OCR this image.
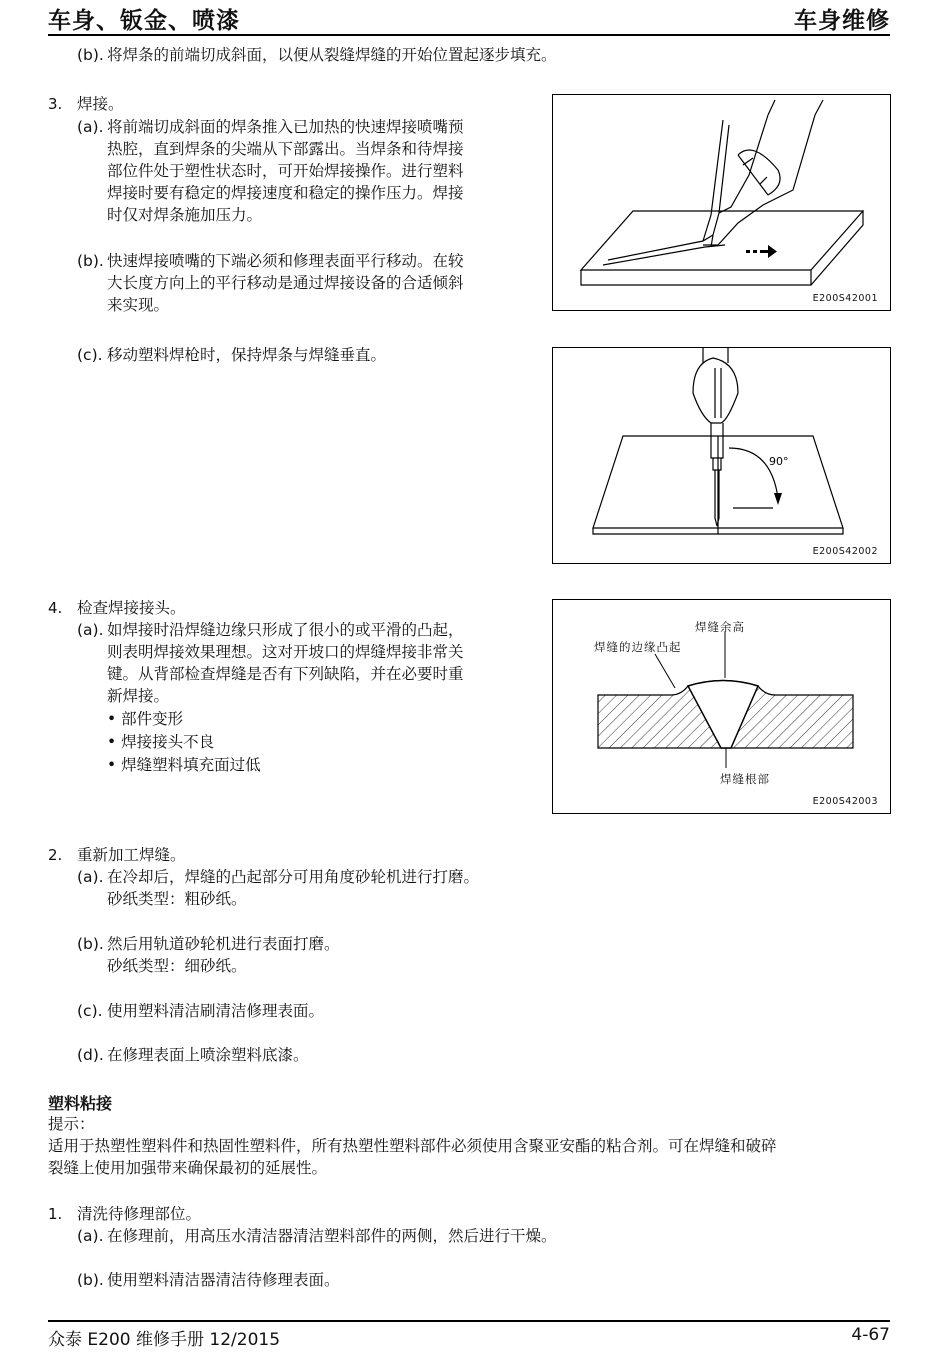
车身、钣金、喷漆	车身维修
(b). 将焊条的前端切成斜面，以便从裂缝焊缝的开始位置起逐步填充。
3. 焊接。
(a). 将前端切成斜面的焊条推入已加热的快速焊接喷嘴预
热腔，直到焊条的尖端从下部露出。当焊条和待焊接
部位件处于塑性状态时，可开始焊接操作。进行塑料
焊接时要有稳定的焊接速度和稳定的操作压力。焊接
时仅对焊条施加压力。
(b). 快速焊接喷嘴的下端必须和修理表面平行移动。在较
大长度方向上的平行移动是通过焊接设备的合适倾斜
来实现。
(c). 移动塑料焊枪时，保持焊条与焊缝垂直。
E200S42001
90°
E200S42002
4. 检查焊接接头。
(a). 如焊接时沿焊缝边缘只形成了很小的或平滑的凸起，
则表明焊接效果理想。这对开坡口的焊缝焊接非常关
键。从背部检查焊缝是否有下列缺陷，并在必要时重
新焊接。
• 部件变形
• 焊接接头不良
• 焊缝塑料填充面过低
焊缝余高
焊缝的边缘凸起
焊缝根部
E200S42003
2. 重新加工焊缝。
(a). 在冷却后，焊缝的凸起部分可用角度砂轮机进行打磨。
砂纸类型：粗砂纸。
(b). 然后用轨道砂轮机进行表面打磨。
砂纸类型：细砂纸。
(c). 使用塑料清洁刷清洁修理表面。
(d). 在修理表面上喷涂塑料底漆。
塑料粘接
提示：
适用于热塑性塑料件和热固性塑料件，所有热塑性塑料部件必须使用含聚亚安酯的粘合剂。可在焊缝和破碎
裂缝上使用加强带来确保最初的延展性。
1. 清洗待修理部位。
(a). 在修理前，用高压水清洁器清洁塑料部件的两侧，然后进行干燥。
(b). 使用塑料清洁器清洁待修理表面。
众泰 E200 维修手册 12/2015	4-67
